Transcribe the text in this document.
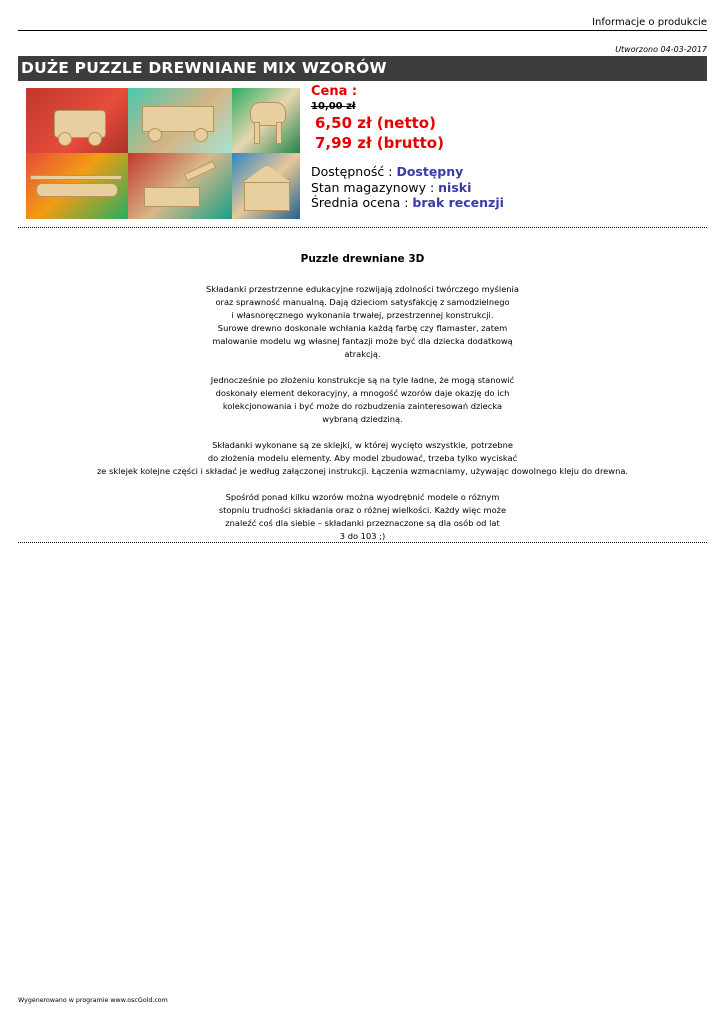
Informacje o produkcie
Utworzono 04-03-2017
DUŻE PUZZLE DREWNIANE MIX WZORÓW
Cena :
10,00 zł
6,50 zł (netto)
7,99 zł (brutto)
Dostępność : Dostępny
Stan magazynowy : niski
Średnia ocena : brak recenzji
Puzzle drewniane 3D

Składanki przestrzenne edukacyjne rozwijają zdolności twórczego myślenia
oraz sprawność manualną. Dają dzieciom satysfakcję z samodzielnego
i własnoręcznego wykonania trwałej, przestrzennej konstrukcji.
Surowe drewno doskonale wchłania każdą farbę czy flamaster, zatem
malowanie modelu wg własnej fantazji może być dla dziecka dodatkową
atrakcją.

Jednocześnie po złożeniu konstrukcje są na tyle ładne, że mogą stanowić
doskonały element dekoracyjny, a mnogość wzorów daje okazję do ich
kolekcjonowania i być może do rozbudzenia zainteresowań dziecka
wybraną dziedziną.

Składanki wykonane są ze sklejki, w której wycięto wszystkie, potrzebne
do złożenia modelu elementy. Aby model zbudować, trzeba tylko wyciskać
ze sklejek kolejne części i składać je według załączonej instrukcji. Łączenia wzmacniamy, używając dowolnego kleju do drewna.

Spośród ponad kilku wzorów można wyodrębnić modele o różnym
stopniu trudności składania oraz o różnej wielkości. Każdy więc może
znaleźć coś dla siebie – składanki przeznaczone są dla osób od lat
3 do 103 ;)

Wygenerowano w programie www.oscGold.com
